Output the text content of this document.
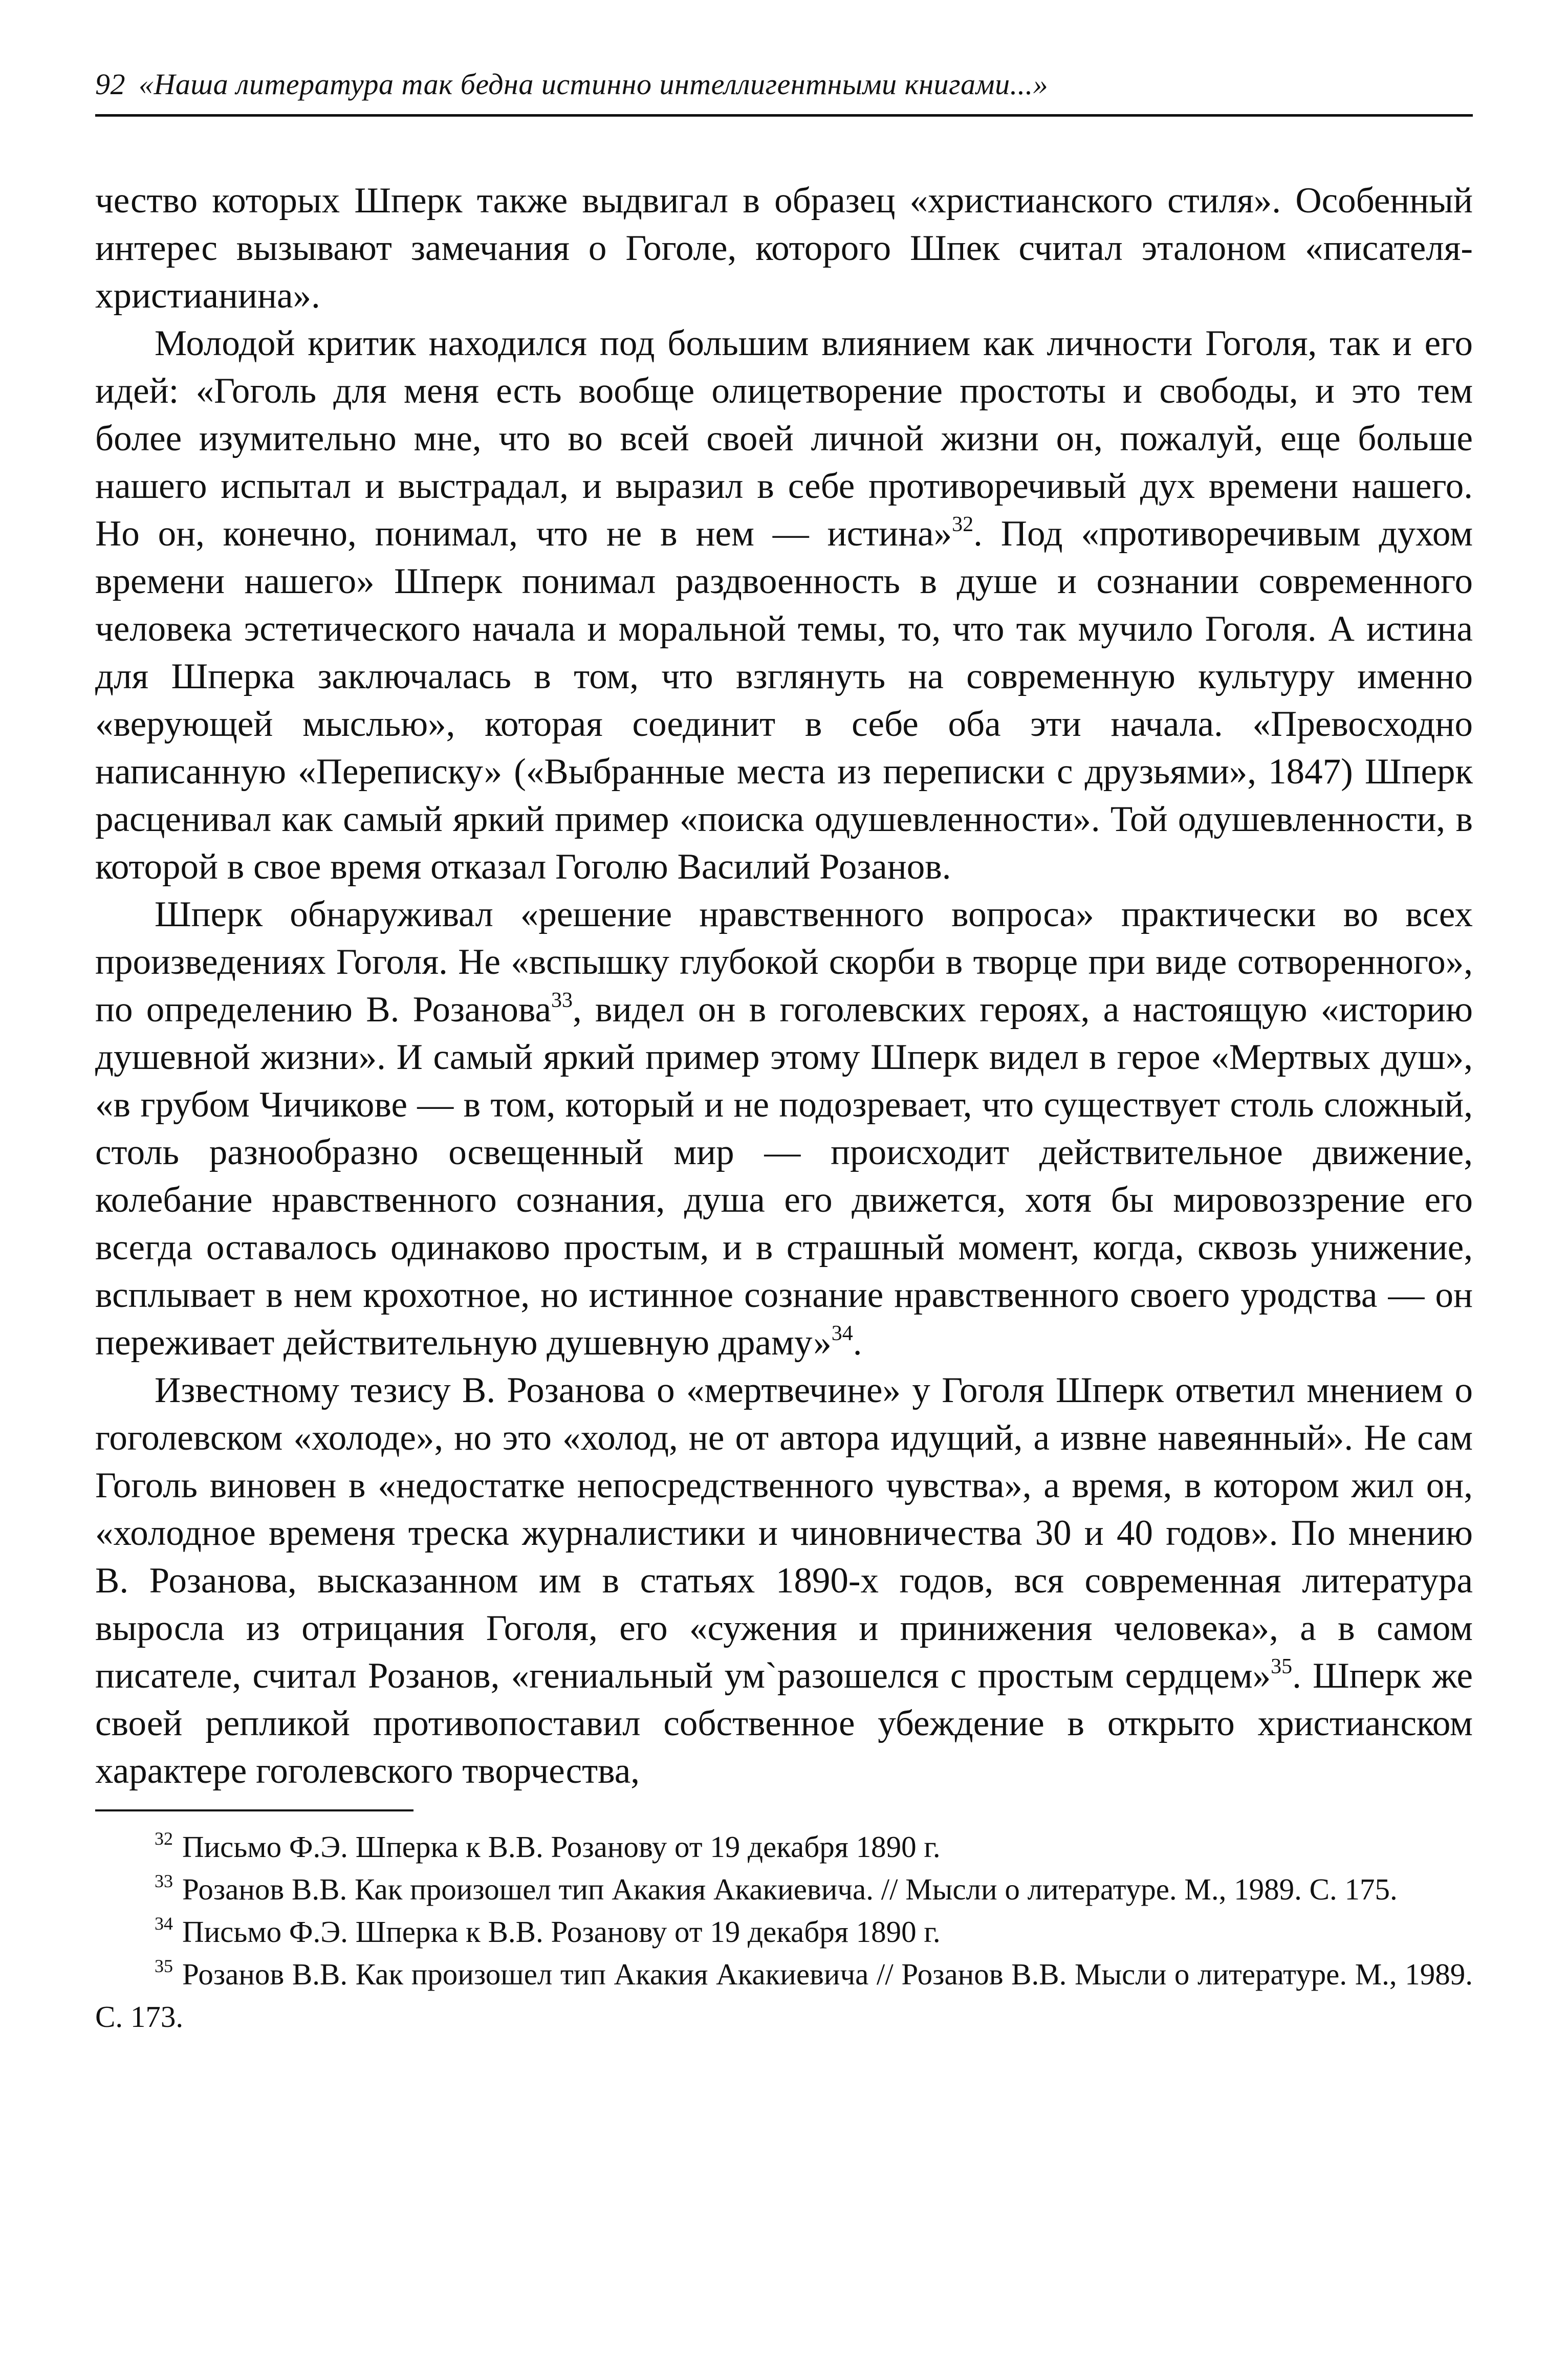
92 «Наша литература так бедна истинно интеллигентными книгами...»

чество которых Шперк также выдвигал в образец «христианского стиля». Особенный интерес вызывают замечания о Гоголе, которого Шпек считал эталоном «писателя-христианина».

Молодой критик находился под большим влиянием как личности Гоголя, так и его идей: «Гоголь для меня есть вообще олицетворение простоты и свободы, и это тем более изумительно мне, что во всей своей личной жизни он, пожалуй, еще больше нашего испытал и выстрадал, и выразил в себе противоречивый дух времени нашего. Но он, конечно, понимал, что не в нем — истина»$^{32}$. Под «противоречивым духом времени нашего» Шперк понимал раздвоенность в душе и сознании современного человека эстетического начала и моральной темы, то, что так мучило Гоголя. А истина для Шперка заключалась в том, что взглянуть на современную культуру именно «верующей мыслью», которая соединит в себе оба эти начала. «Превосходно написанную «Переписку» («Выбранные места из переписки с друзьями», 1847) Шперк расценивал как самый яркий пример «поиска одушевленности». Той одушевленности, в которой в свое время отказал Гоголю Василий Розанов.

Шперк обнаруживал «решение нравственного вопроса» практически во всех произведениях Гоголя. Не «вспышку глубокой скорби в творце при виде сотворенного», по определению В. Розанова$^{33}$, видел он в гоголевских героях, а настоящую «историю душевной жизни». И самый яркий пример этому Шперк видел в герое «Мертвых душ», «в грубом Чичикове — в том, который и не подозревает, что существует столь сложный, столь разнообразно освещенный мир — происходит действительное движение, колебание нравственного сознания, душа его движется, хотя бы мировоззрение его всегда оставалось одинаково простым, и в страшный момент, когда, сквозь унижение, всплывает в нем крохотное, но истинное сознание нравственного своего уродства — он переживает действительную душевную драму»$^{34}$.

Известному тезису В. Розанова о «мертвечине» у Гоголя Шперк ответил мнением о гоголевском «холоде», но это «холод, не от автора идущий, а извне навеянный». Не сам Гоголь виновен в «недостатке непосредственного чувства», а время, в котором жил он, «холодное временя треска журналистики и чиновничества 30 и 40 годов». По мнению В. Розанова, высказанном им в статьях 1890-х годов, вся современная литература выросла из отрицания Гоголя, его «сужения и принижения человека», а в самом писателе, считал Розанов, «гениальный ум`разошелся с простым сердцем»$^{35}$. Шперк же своей репликой противопоставил собственное убеждение в открыто христианском характере гоголевского творчества,

$^{32}$ Письмо Ф.Э. Шперка к В.В. Розанову от 19 декабря 1890 г.

$^{33}$ Розанов В.В. Как произошел тип Акакия Акакиевича. // Мысли о литературе. М., 1989. С. 175.

$^{34}$ Письмо Ф.Э. Шперка к В.В. Розанову от 19 декабря 1890 г.

$^{35}$ Розанов В.В. Как произошел тип Акакия Акакиевича // Розанов В.В. Мысли о литературе. М., 1989. С. 173.
